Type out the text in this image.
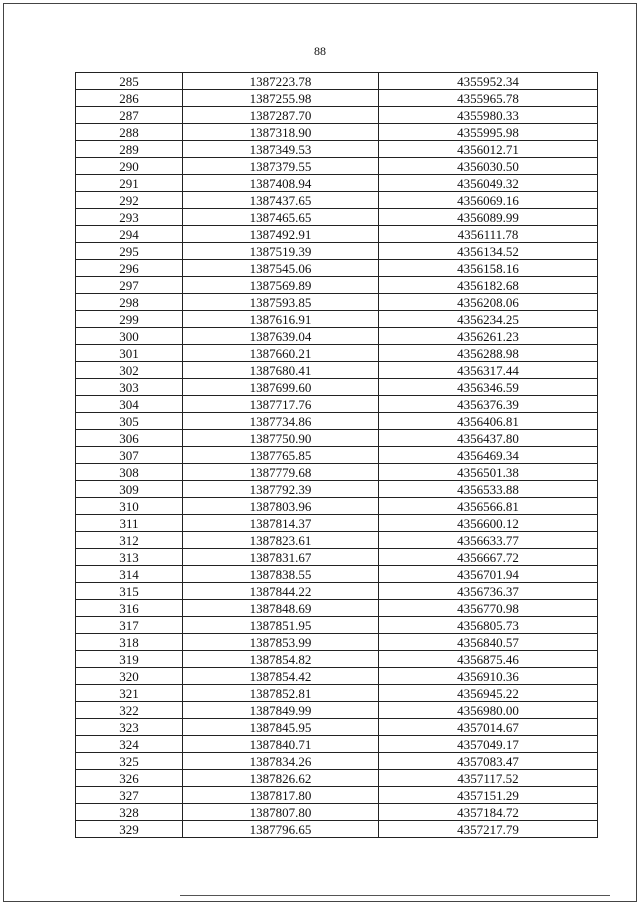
88
285	1387223.78	4355952.34
286	1387255.98	4355965.78
287	1387287.70	4355980.33
288	1387318.90	4355995.98
289	1387349.53	4356012.71
290	1387379.55	4356030.50
291	1387408.94	4356049.32
292	1387437.65	4356069.16
293	1387465.65	4356089.99
294	1387492.91	4356111.78
295	1387519.39	4356134.52
296	1387545.06	4356158.16
297	1387569.89	4356182.68
298	1387593.85	4356208.06
299	1387616.91	4356234.25
300	1387639.04	4356261.23
301	1387660.21	4356288.98
302	1387680.41	4356317.44
303	1387699.60	4356346.59
304	1387717.76	4356376.39
305	1387734.86	4356406.81
306	1387750.90	4356437.80
307	1387765.85	4356469.34
308	1387779.68	4356501.38
309	1387792.39	4356533.88
310	1387803.96	4356566.81
311	1387814.37	4356600.12
312	1387823.61	4356633.77
313	1387831.67	4356667.72
314	1387838.55	4356701.94
315	1387844.22	4356736.37
316	1387848.69	4356770.98
317	1387851.95	4356805.73
318	1387853.99	4356840.57
319	1387854.82	4356875.46
320	1387854.42	4356910.36
321	1387852.81	4356945.22
322	1387849.99	4356980.00
323	1387845.95	4357014.67
324	1387840.71	4357049.17
325	1387834.26	4357083.47
326	1387826.62	4357117.52
327	1387817.80	4357151.29
328	1387807.80	4357184.72
329	1387796.65	4357217.79
